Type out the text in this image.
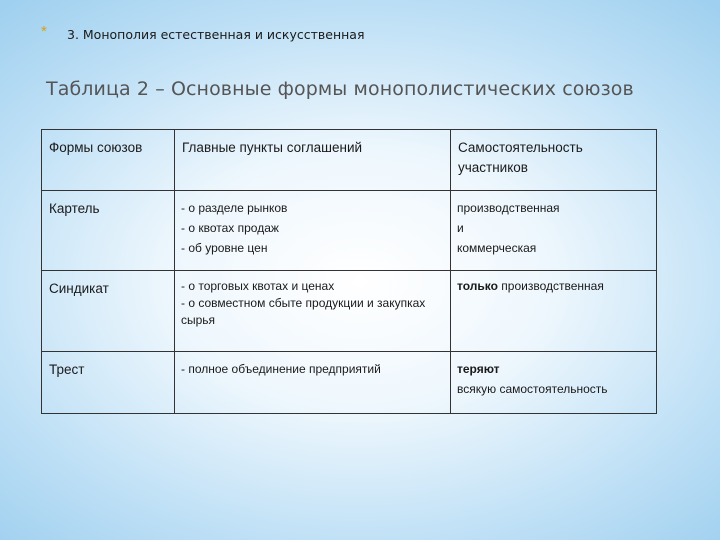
* 3. Монополия естественная и искусственная
Таблица 2 – Основные формы монополистических союзов
Формы союзов	Главные пункты соглашений	Самостоятельность участников

Картель	- о разделе рынков
- о квотах продаж
- об уровне цен	производственная
и
коммерческая

Синдикат	- о торговых квотах и ценах
- о совместном сбыте продукции и закупках сырья	только производственная

Трест	- полное объединение предприятий	теряют
всякую самостоятельность
